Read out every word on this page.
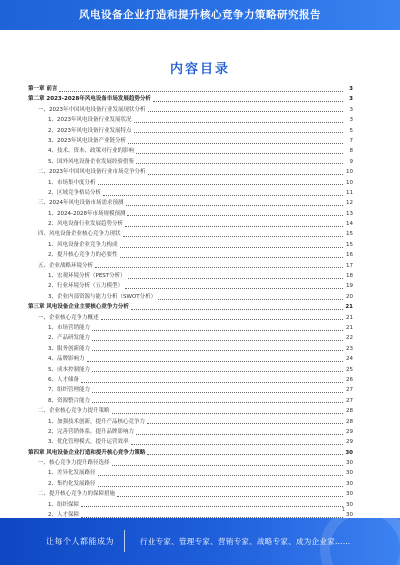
风电设备企业打造和提升核心竞争力策略研究报告
内容目录
第一章 前言	3
第二章 2023-2028年风电设备市场发展趋势分析	3
一、2023年中国风电设备行业发展现状分析	3
1、2023年风电设备行业发展状况	3
2、2023年风电设备行业发展特点	5
3、2023年风电设备产业链分析	7
4、技术、资本、政策对行业的影响	8
5、国外风电设备企业发展经验借鉴	9
二、2023年中国风电设备行业市场竞争分析	10
1、市场集中度分析	10
2、区域竞争格局分析	11
三、2024年风电设备市场需求预测	12
1、2024-2028年市场规模预测	13
2、风电设备行业发展趋势分析	14
四、风电设备企业核心竞争力现状	15
1、风电设备企业竞争力构成	15
2、提升核心竞争力的必要性	16
五、企业战略环境分析	17
1、宏观环境分析（PEST分析）	18
2、行业环境分析（五力模型）	19
3、企业内部资源与能力分析（SWOT分析）	20
第三章 风电设备企业主要核心竞争力分析	21
一、企业核心竞争力概述	21
1、市场营销能力	21
2、产品研发能力	22
3、服务创新能力	23
4、品牌影响力	24
5、成本控制能力	25
6、人才储备	26
7、组织管理能力	27
8、资源整合能力	27
二、企业核心竞争力提升策略	28
1、加强技术创新，提升产品核心竞争力	28
2、完善营销体系，提升品牌影响力	29
3、优化管理模式，提升运营效率	29
第四章 风电设备企业打造和提升核心竞争力策略	30
一、核心竞争力提升路径选择	30
1、差异化发展路径	30
2、集约化发展路径	30
二、提升核心竞争力的保障措施	30
1、组织保障	30
2、人才保障	30
1
让每个人都能成为	行业专家、管理专家、营销专家、战略专家、成为企业家……
